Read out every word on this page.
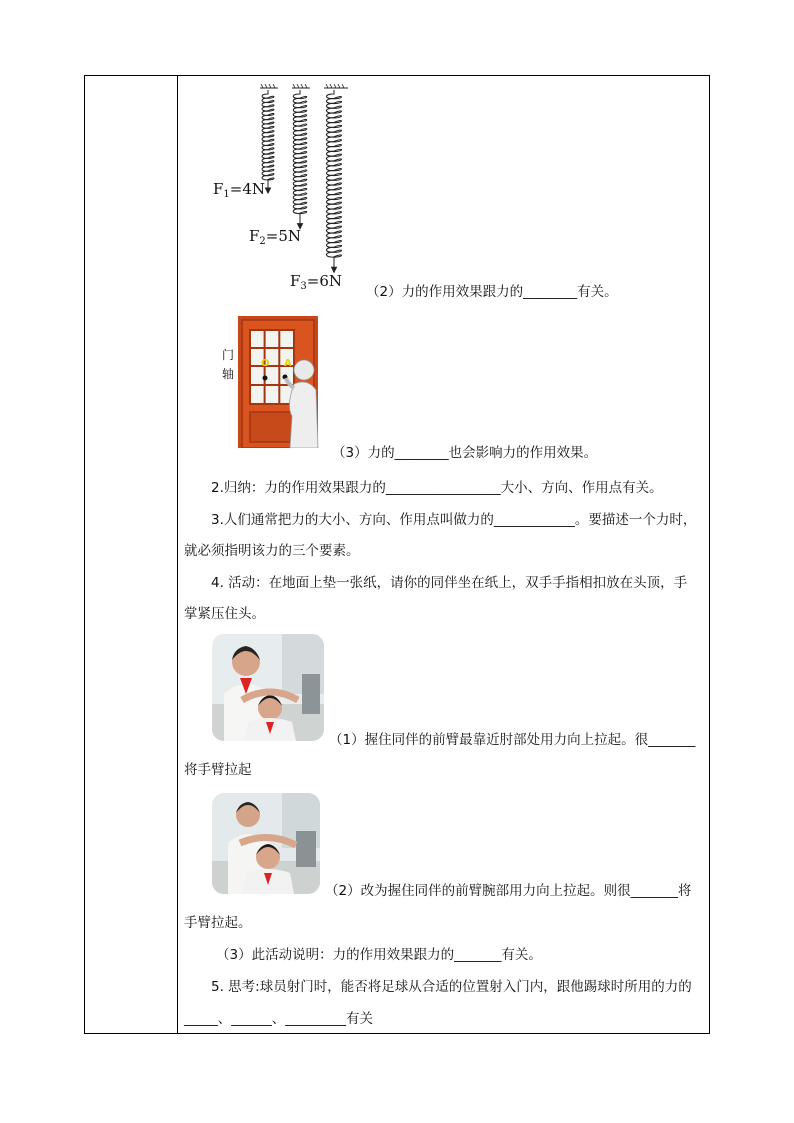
$F_1=4N$
$F_2=5N$
$F_3=6N$
（2）力的作用效果跟力的________有关。
门
轴
O A
（3）力的________也会影响力的作用效果。
2.归纳：力的作用效果跟力的_________________大小、方向、作用点有关。
3.人们通常把力的大小、方向、作用点叫做力的____________。要描述一个力时，
就必须指明该力的三个要素。
4. 活动：在地面上垫一张纸，请你的同伴坐在纸上，双手手指相扣放在头顶，手
掌紧压住头。
（1）握住同伴的前臂最靠近肘部处用力向上拉起。很_______
将手臂拉起
（2）改为握住同伴的前臂腕部用力向上拉起。则很_______将
手臂拉起。
（3）此活动说明：力的作用效果跟力的_______有关。
5. 思考:球员射门时，能否将足球从合适的位置射入门内，跟他踢球时所用的力的
_____、______、_________有关
